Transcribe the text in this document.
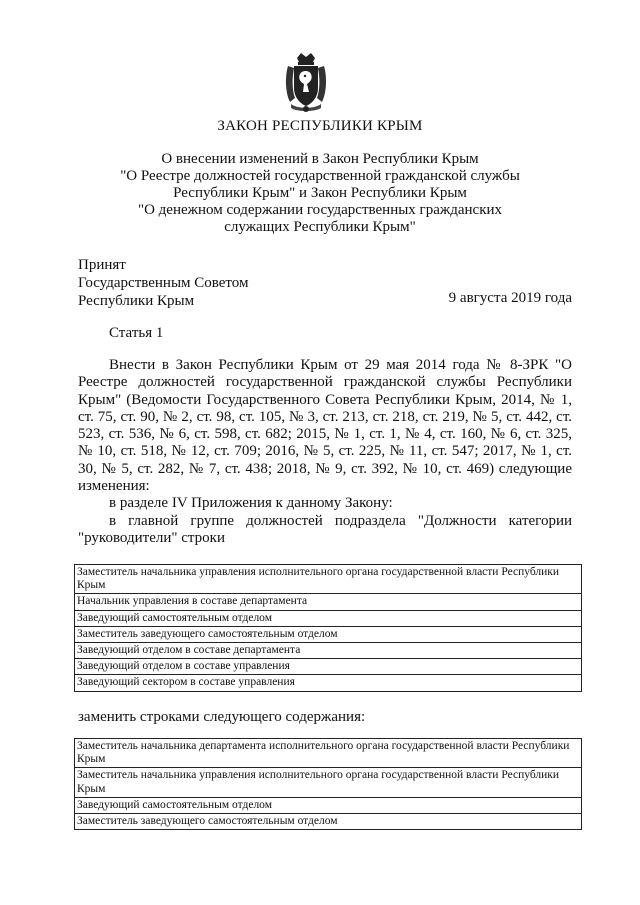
ЗАКОН РЕСПУБЛИКИ КРЫМ
О внесении изменений в Закон Республики Крым
"О Реестре должностей государственной гражданской службы
Республики Крым" и Закон Республики Крым
"О денежном содержании государственных гражданских
служащих Республики Крым"
Принят
Государственным Советом
Республики Крым	9 августа 2019 года
Статья 1

Внести в Закон Республики Крым от 29 мая 2014 года № 8-ЗРК "О Реестре должностей государственной гражданской службы Республики Крым" (Ведомости Государственного Совета Республики Крым, 2014, № 1, ст. 75, ст. 90, № 2, ст. 98, ст. 105, № 3, ст. 213, ст. 218, ст. 219, № 5, ст. 442, ст. 523, ст. 536, № 6, ст. 598, ст. 682; 2015, № 1, ст. 1, № 4, ст. 160, № 6, ст. 325, № 10, ст. 518, № 12, ст. 709; 2016, № 5, ст. 225, № 11, ст. 547; 2017, № 1, ст. 30, № 5, ст. 282, № 7, ст. 438; 2018, № 9, ст. 392, № 10, ст. 469) следующие изменения:

в разделе IV Приложения к данному Закону:

в главной группе должностей подраздела "Должности категории "руководители" строки

Заместитель начальника управления исполнительного органа государственной власти Республики Крым
Начальник управления в составе департамента
Заведующий самостоятельным отделом
Заместитель заведующего самостоятельным отделом
Заведующий отделом в составе департамента
Заведующий отделом в составе управления
Заведующий сектором в составе управления
заменить строками следующего содержания:
Заместитель начальника департамента исполнительного органа государственной власти Республики Крым
Заместитель начальника управления исполнительного органа государственной власти Республики Крым
Заведующий самостоятельным отделом
Заместитель заведующего самостоятельным отделом
